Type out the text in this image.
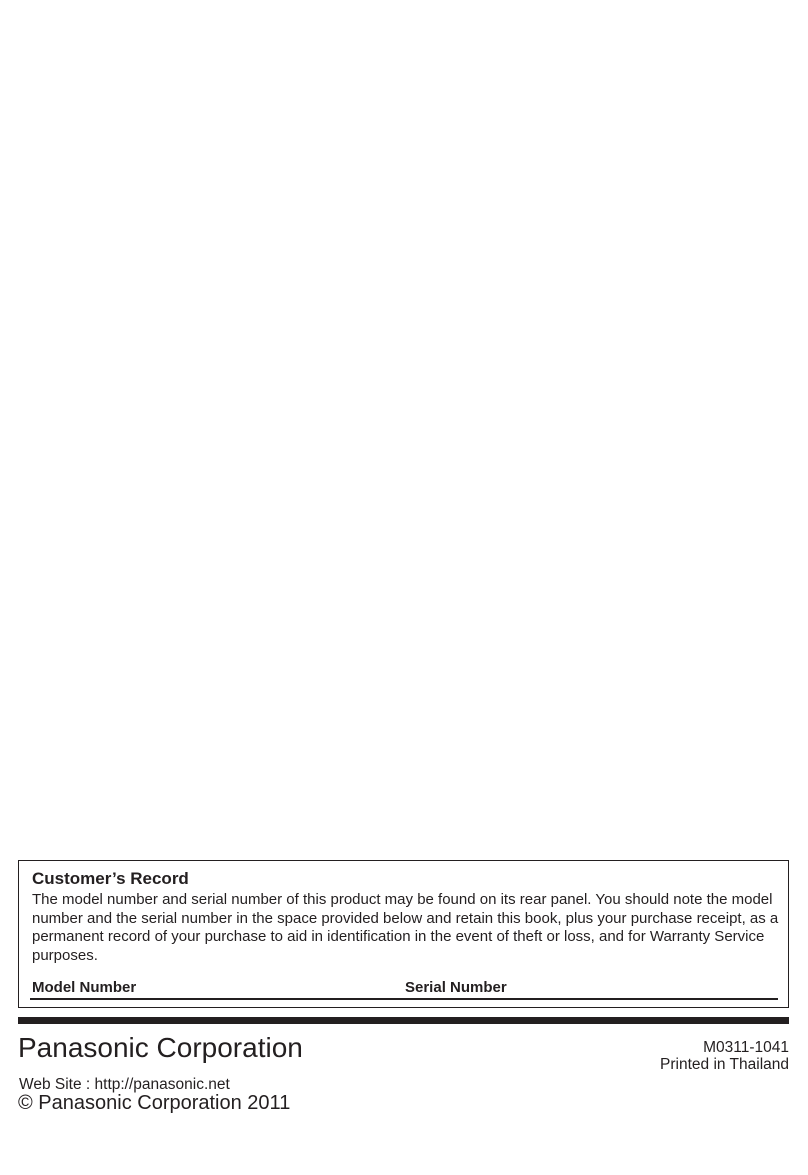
Customer’s Record

The model number and serial number of this product may be found on its rear panel. You should note the model number and the serial number in the space provided below and retain this book, plus your purchase receipt, as a permanent record of your purchase to aid in identification in the event of theft or loss, and for Warranty Service purposes.

Model Number	Serial Number
Panasonic Corporation	M0311-1041
Printed in Thailand
Web Site : http://panasonic.net
© Panasonic Corporation 2011
